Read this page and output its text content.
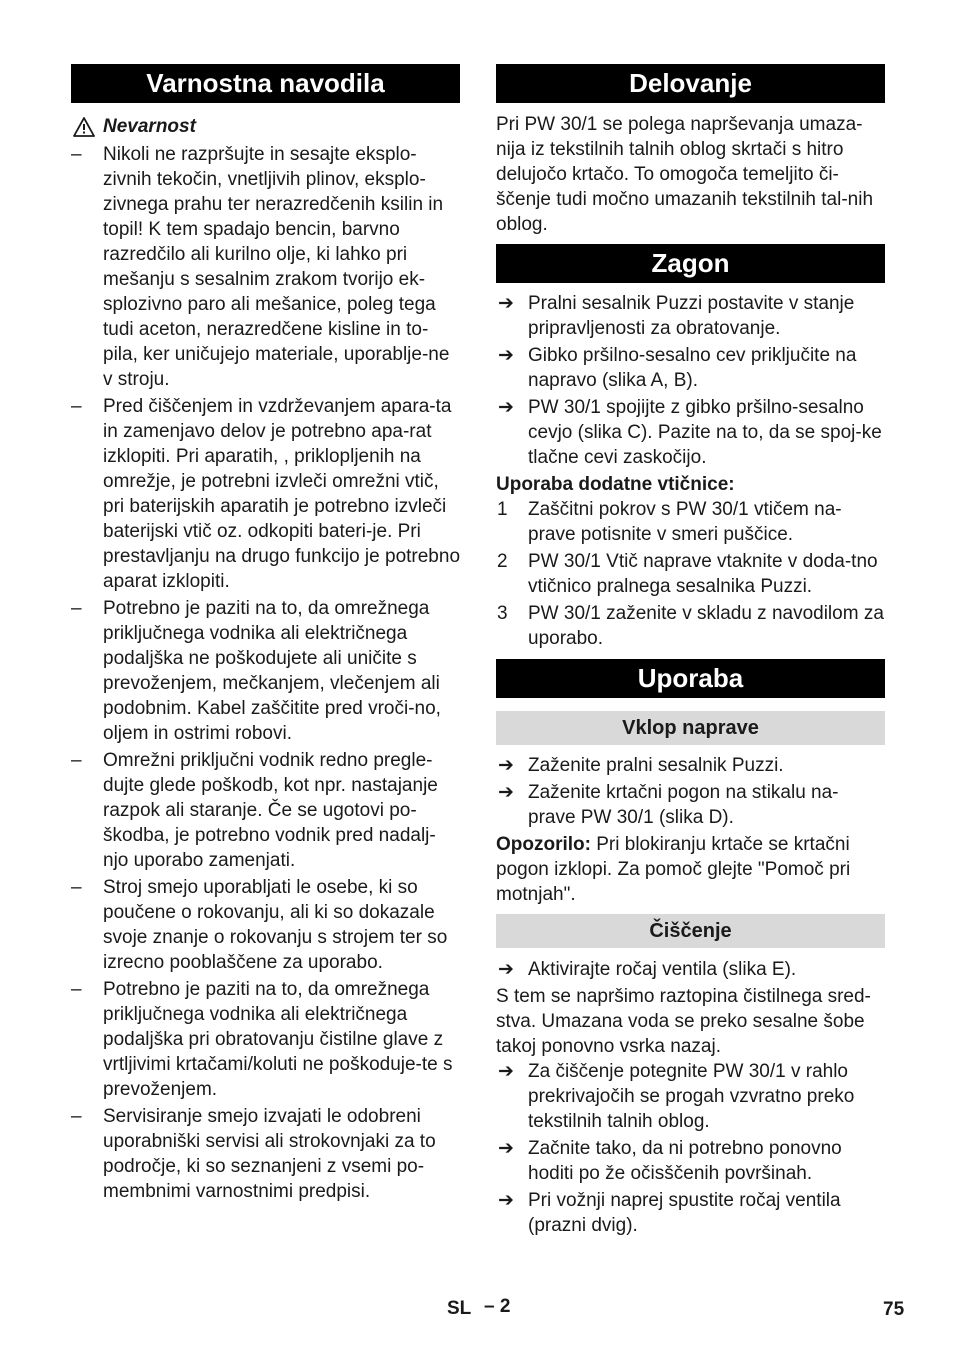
Varnostna navodila
Nevarnost
–	Nikoli ne razpršujte in sesajte eksplo-zivnih tekočin, vnetljivih plinov, eksplo-zivnega prahu ter nerazredčenih ksilin in topil! K tem spadajo bencin, barvno razredčilo ali kurilno olje, ki lahko pri mešanju s sesalnim zrakom tvorijo ek-splozivno paro ali mešanice, poleg tega tudi aceton, nerazredčene kisline in to-pila, ker uničujejo materiale, uporablje-ne v stroju.
–	Pred čiščenjem in vzdrževanjem apara-ta in zamenjavo delov je potrebno apa-rat izklopiti. Pri aparatih, , priklopljenih na omrežje, je potrebni izvleči omrežni vtič, pri baterijskih aparatih je potrebno izvleči baterijski vtič oz. odkopiti bateri-je. Pri prestavljanju na drugo funkcijo je potrebno aparat izklopiti.
–	Potrebno je paziti na to, da omrežnega priključnega vodnika ali električnega podaljška ne poškodujete ali uničite s prevoženjem, mečkanjem, vlečenjem ali podobnim. Kabel zaščitite pred vroči-no, oljem in ostrimi robovi.
–	Omrežni priključni vodnik redno pregle-dujte glede poškodb, kot npr. nastajanje razpok ali staranje. Če se ugotovi po-škodba, je potrebno vodnik pred nadalj-njo uporabo zamenjati.
–	Stroj smejo uporabljati le osebe, ki so poučene o rokovanju, ali ki so dokazale svoje znanje o rokovanju s strojem ter so izrecno pooblaščene za uporabo.
–	Potrebno je paziti na to, da omrežnega priključnega vodnika ali električnega podaljška pri obratovanju čistilne glave z vrtljivimi krtačami/koluti ne poškoduje-te s prevoženjem.
–	Servisiranje smejo izvajati le odobreni uporabniški servisi ali strokovnjaki za to področje, ki so seznanjeni z vsemi po-membnimi varnostnimi predpisi.
Delovanje

Pri PW 30/1 se polega naprševanja umaza-nija iz tekstilnih talnih oblog skrtači s hitro delujočo krtačo. To omogoča temeljito či-ščenje tudi močno umazanih tekstilnih tal-nih oblog.

Zagon
➔ Pralni sesalnik Puzzi postavite v stanje pripravljenosti za obratovanje.
➔ Gibko pršilno-sesalno cev priključite na napravo (slika A, B).
➔ PW 30/1 spojijte z gibko pršilno-sesalno cevjo (slika C). Pazite na to, da se spoj-ke tlačne cevi zaskočijo.

Uporaba dodatne vtičnice:

1 Zaščitni pokrov s PW 30/1 vtičem na-prave potisnite v smeri puščice.
2 PW 30/1 Vtič naprave vtaknite v doda-tno vtičnico pralnega sesalnika Puzzi.
3 PW 30/1 zaženite v skladu z navodilom za uporabo.
Uporaba
Vklop naprave
➔ Zaženite pralni sesalnik Puzzi.
➔ Zaženite krtačni pogon na stikalu na-prave PW 30/1 (slika D).

Opozorilo: Pri blokiranju krtače se krtačni pogon izklopi. Za pomoč glejte "Pomoč pri motnjah".

Čiščenje
➔ Aktivirajte ročaj ventila (slika E).

S tem se napršimo raztopina čistilnega sred-stva. Umazana voda se preko sesalne šobe takoj ponovno vsrka nazaj.

➔ Za čiščenje potegnite PW 30/1 v rahlo prekrivajočih se progah vzvratno preko tekstilnih talnih oblog.
➔ Začnite tako, da ni potrebno ponovno hoditi po že očisščenih površinah.
➔ Pri vožnji naprej spustite ročaj ventila (prazni dvig).
SL – 2	75
